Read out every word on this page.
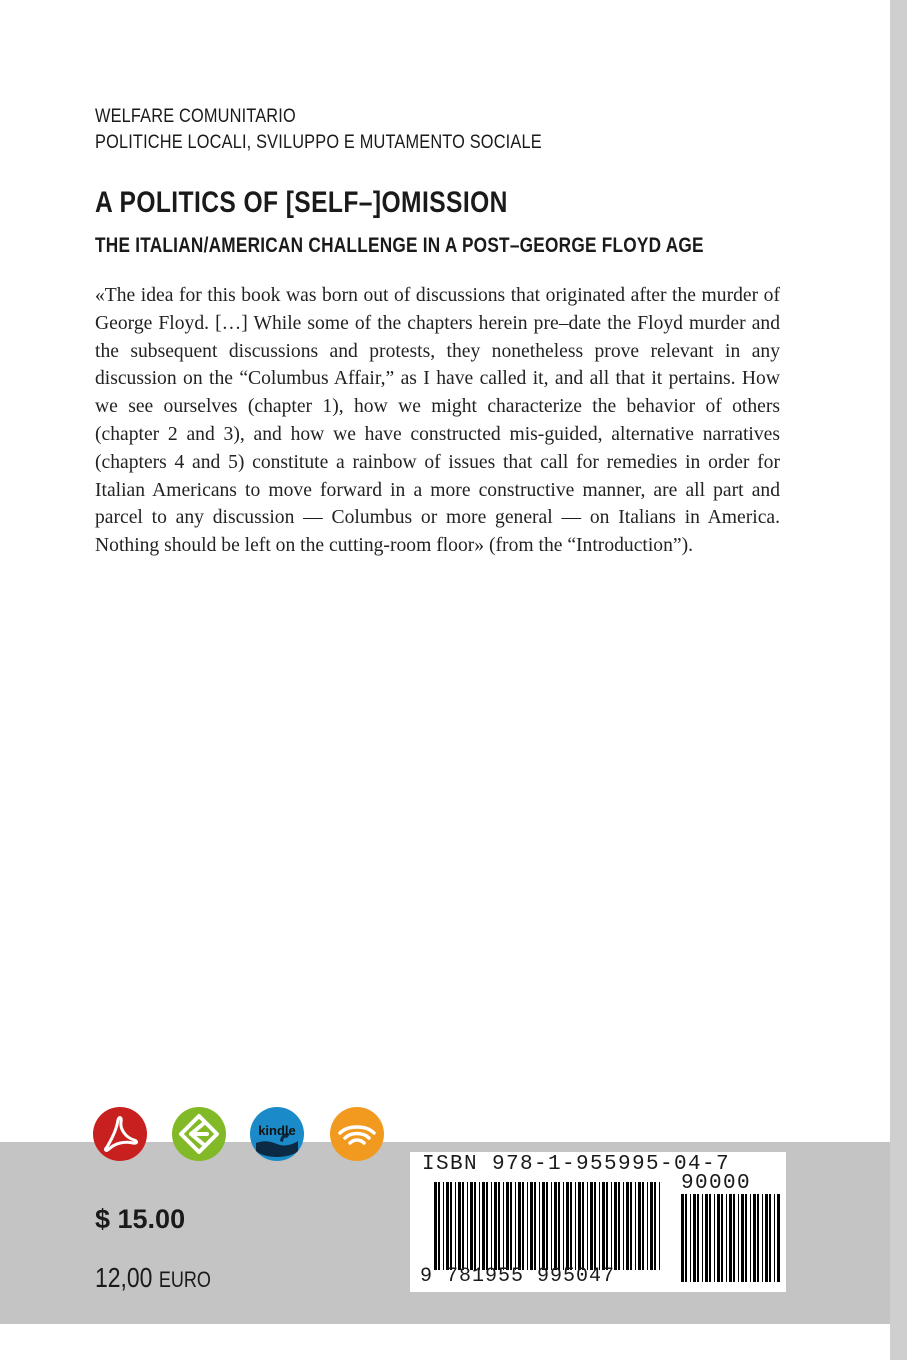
WELFARE COMUNITARIO
POLITICHE LOCALI, SVILUPPO E MUTAMENTO SOCIALE
A POLITICS OF [SELF–]OMISSION
THE ITALIAN/AMERICAN CHALLENGE IN A POST–GEORGE FLOYD AGE
«The idea for this book was born out of discussions that originated after the murder of George Floyd. […] While some of the chapters herein pre–date the Floyd murder and the subsequent discussions and protests, they nonetheless prove relevant in any discussion on the “Columbus Affair,” as I have called it, and all that it pertains. How we see ourselves (chapter 1), how we might characterize the behavior of others (chapter 2 and 3), and how we have constructed mis-guided, alternative narratives (chapters 4 and 5) constitute a rainbow of issues that call for remedies in order for Italian Americans to move forward in a more constructive manner, are all part and parcel to any discussion — Columbus or more general — on Italians in America. Nothing should be left on the cutting-room floor» (from the “Introduction”).
kindle
$ 15.00
12,00 EURO
ISBN 978-1-955995-04-7
90000
9 781955 995047
